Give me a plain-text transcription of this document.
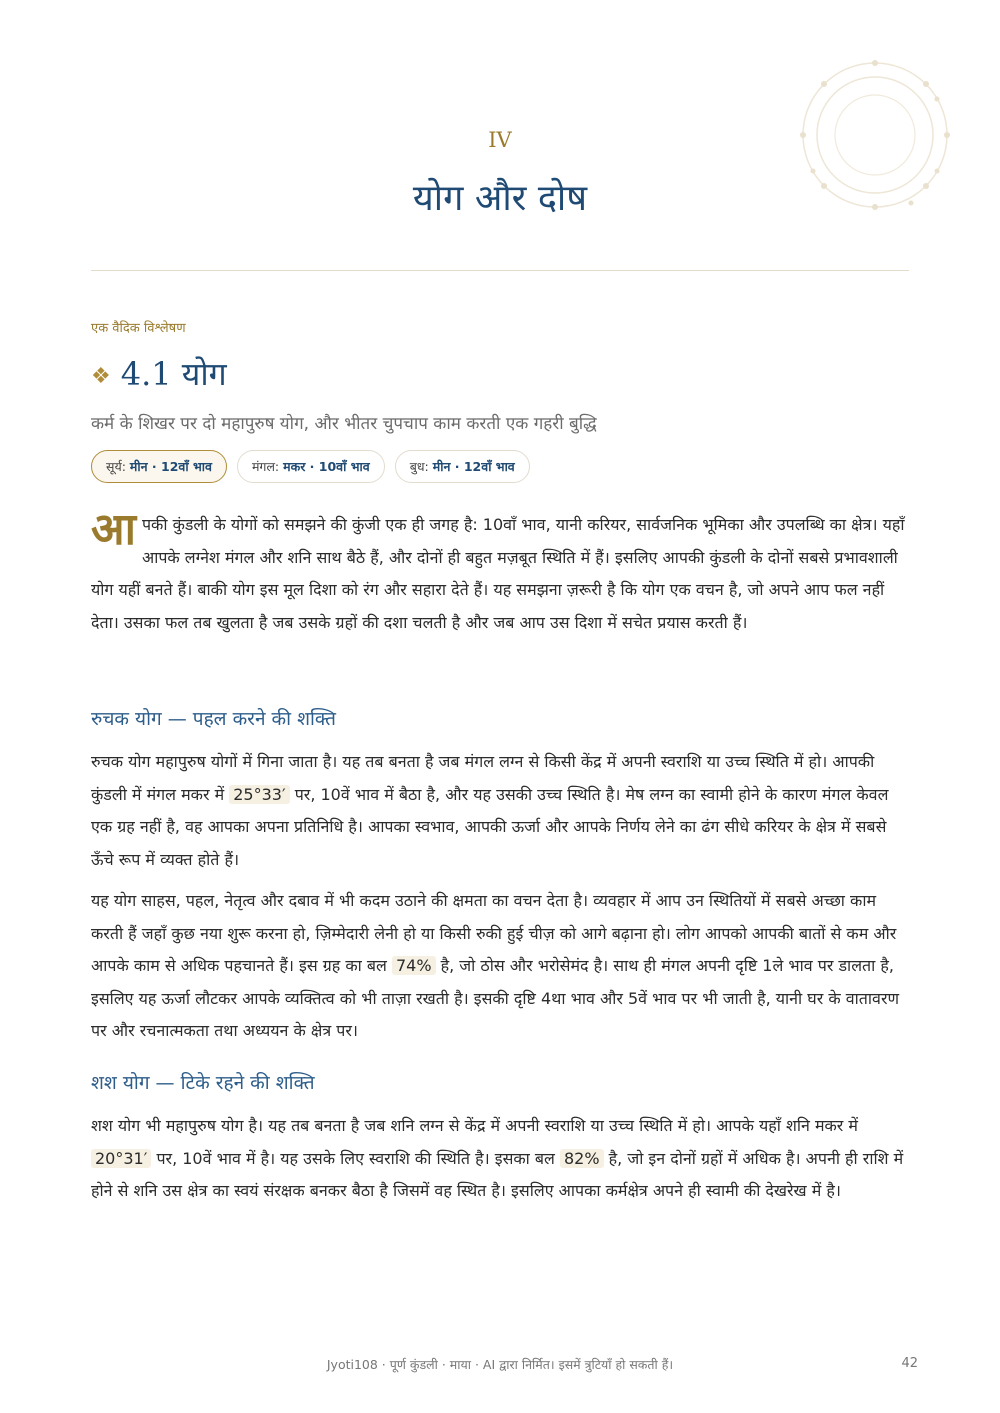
IV
योग और दोष
एक वैदिक विश्लेषण
❖ 4.1 योग
कर्म के शिखर पर दो महापुरुष योग, और भीतर चुपचाप काम करती एक गहरी बुद्धि
सूर्य: मीन · 12वाँ भाव	मंगल: मकर · 10वाँ भाव	बुध: मीन · 12वाँ भाव

आपकी कुंडली के योगों को समझने की कुंजी एक ही जगह है: 10वाँ भाव, यानी करियर, सार्वजनिक भूमिका और उपलब्धि का क्षेत्र। यहाँ आपके लग्नेश मंगल और शनि साथ बैठे हैं, और दोनों ही बहुत मज़बूत स्थिति में हैं। इसलिए आपकी कुंडली के दोनों सबसे प्रभावशाली योग यहीं बनते हैं। बाकी योग इस मूल दिशा को रंग और सहारा देते हैं। यह समझना ज़रूरी है कि योग एक वचन है, जो अपने आप फल नहीं देता। उसका फल तब खुलता है जब उसके ग्रहों की दशा चलती है और जब आप उस दिशा में सचेत प्रयास करती हैं।

रुचक योग — पहल करने की शक्ति

रुचक योग महापुरुष योगों में गिना जाता है। यह तब बनता है जब मंगल लग्न से किसी केंद्र में अपनी स्वराशि या उच्च स्थिति में हो। आपकी कुंडली में मंगल मकर में 25°33′ पर, 10वें भाव में बैठा है, और यह उसकी उच्च स्थिति है। मेष लग्न का स्वामी होने के कारण मंगल केवल एक ग्रह नहीं है, वह आपका अपना प्रतिनिधि है। आपका स्वभाव, आपकी ऊर्जा और आपके निर्णय लेने का ढंग सीधे करियर के क्षेत्र में सबसे ऊँचे रूप में व्यक्त होते हैं।

यह योग साहस, पहल, नेतृत्व और दबाव में भी कदम उठाने की क्षमता का वचन देता है। व्यवहार में आप उन स्थितियों में सबसे अच्छा काम करती हैं जहाँ कुछ नया शुरू करना हो, ज़िम्मेदारी लेनी हो या किसी रुकी हुई चीज़ को आगे बढ़ाना हो। लोग आपको आपकी बातों से कम और आपके काम से अधिक पहचानते हैं। इस ग्रह का बल 74% है, जो ठोस और भरोसेमंद है। साथ ही मंगल अपनी दृष्टि 1ले भाव पर डालता है, इसलिए यह ऊर्जा लौटकर आपके व्यक्तित्व को भी ताज़ा रखती है। इसकी दृष्टि 4था भाव और 5वें भाव पर भी जाती है, यानी घर के वातावरण पर और रचनात्मकता तथा अध्ययन के क्षेत्र पर।

शश योग — टिके रहने की शक्ति

शश योग भी महापुरुष योग है। यह तब बनता है जब शनि लग्न से केंद्र में अपनी स्वराशि या उच्च स्थिति में हो। आपके यहाँ शनि मकर में 20°31′ पर, 10वें भाव में है। यह उसके लिए स्वराशि की स्थिति है। इसका बल 82% है, जो इन दोनों ग्रहों में अधिक है। अपनी ही राशि में होने से शनि उस क्षेत्र का स्वयं संरक्षक बनकर बैठा है जिसमें वह स्थित है। इसलिए आपका कर्मक्षेत्र अपने ही स्वामी की देखरेख में है।

Jyoti108 · पूर्ण कुंडली · माया · AI द्वारा निर्मित। इसमें त्रुटियाँ हो सकती हैं।	42
